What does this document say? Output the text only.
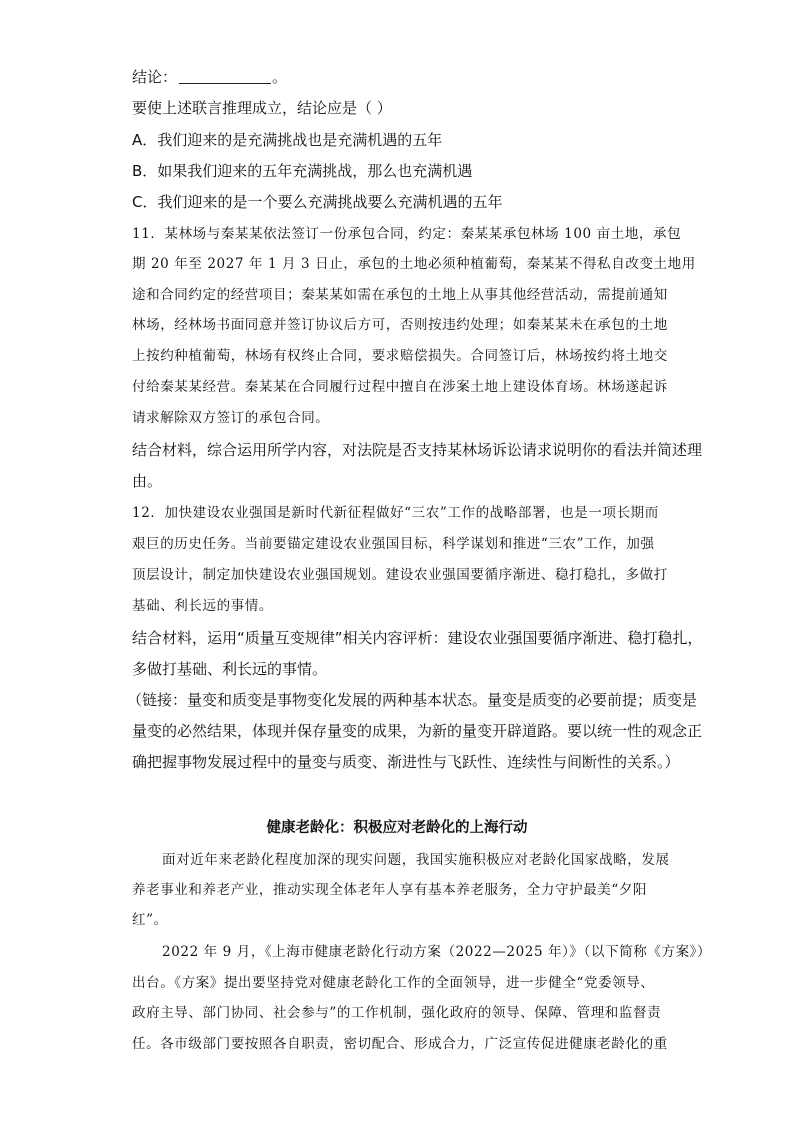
结论：	。
要使上述联言推理成立，结论应是（ ）
A．我们迎来的是充满挑战也是充满机遇的五年
B．如果我们迎来的五年充满挑战，那么也充满机遇
C．我们迎来的是一个要么充满挑战要么充满机遇的五年
11．某林场与秦某某依法签订一份承包合同，约定：秦某某承包林场 100 亩土地，承包
期 20 年至 2027 年 1 月 3 日止，承包的土地必须种植葡萄，秦某某不得私自改变土地用
途和合同约定的经营项目；秦某某如需在承包的土地上从事其他经营活动，需提前通知
林场，经林场书面同意并签订协议后方可，否则按违约处理；如秦某某未在承包的土地
上按约种植葡萄，林场有权终止合同，要求赔偿损失。合同签订后，林场按约将土地交
付给秦某某经营。秦某某在合同履行过程中擅自在涉案土地上建设体育场。林场遂起诉
请求解除双方签订的承包合同。
结合材料，综合运用所学内容，对法院是否支持某林场诉讼请求说明你的看法并简述理
由。
12．加快建设农业强国是新时代新征程做好“三农”工作的战略部署，也是一项长期而
艰巨的历史任务。当前要锚定建设农业强国目标，科学谋划和推进“三农”工作，加强
顶层设计，制定加快建设农业强国规划。建设农业强国要循序渐进、稳打稳扎，多做打
基础、利长远的事情。
结合材料，运用“质量互变规律”相关内容评析：建设农业强国要循序渐进、稳打稳扎，
多做打基础、利长远的事情。
（链接：量变和质变是事物变化发展的两种基本状态。量变是质变的必要前提；质变是
量变的必然结果，体现并保存量变的成果，为新的量变开辟道路。要以统一性的观念正
确把握事物发展过程中的量变与质变、渐进性与飞跃性、连续性与间断性的关系。）
健康老龄化：积极应对老龄化的上海行动
面对近年来老龄化程度加深的现实问题，我国实施积极应对老龄化国家战略，发展
养老事业和养老产业，推动实现全体老年人享有基本养老服务，全力守护最美“夕阳
红”。
2022 年 9 月，《上海市健康老龄化行动方案（2022—2025 年）》（以下简称《方案》）
出台。《方案》提出要坚持党对健康老龄化工作的全面领导，进一步健全“党委领导、
政府主导、部门协同、社会参与”的工作机制，强化政府的领导、保障、管理和监督责
任。各市级部门要按照各自职责，密切配合、形成合力，广泛宣传促进健康老龄化的重
